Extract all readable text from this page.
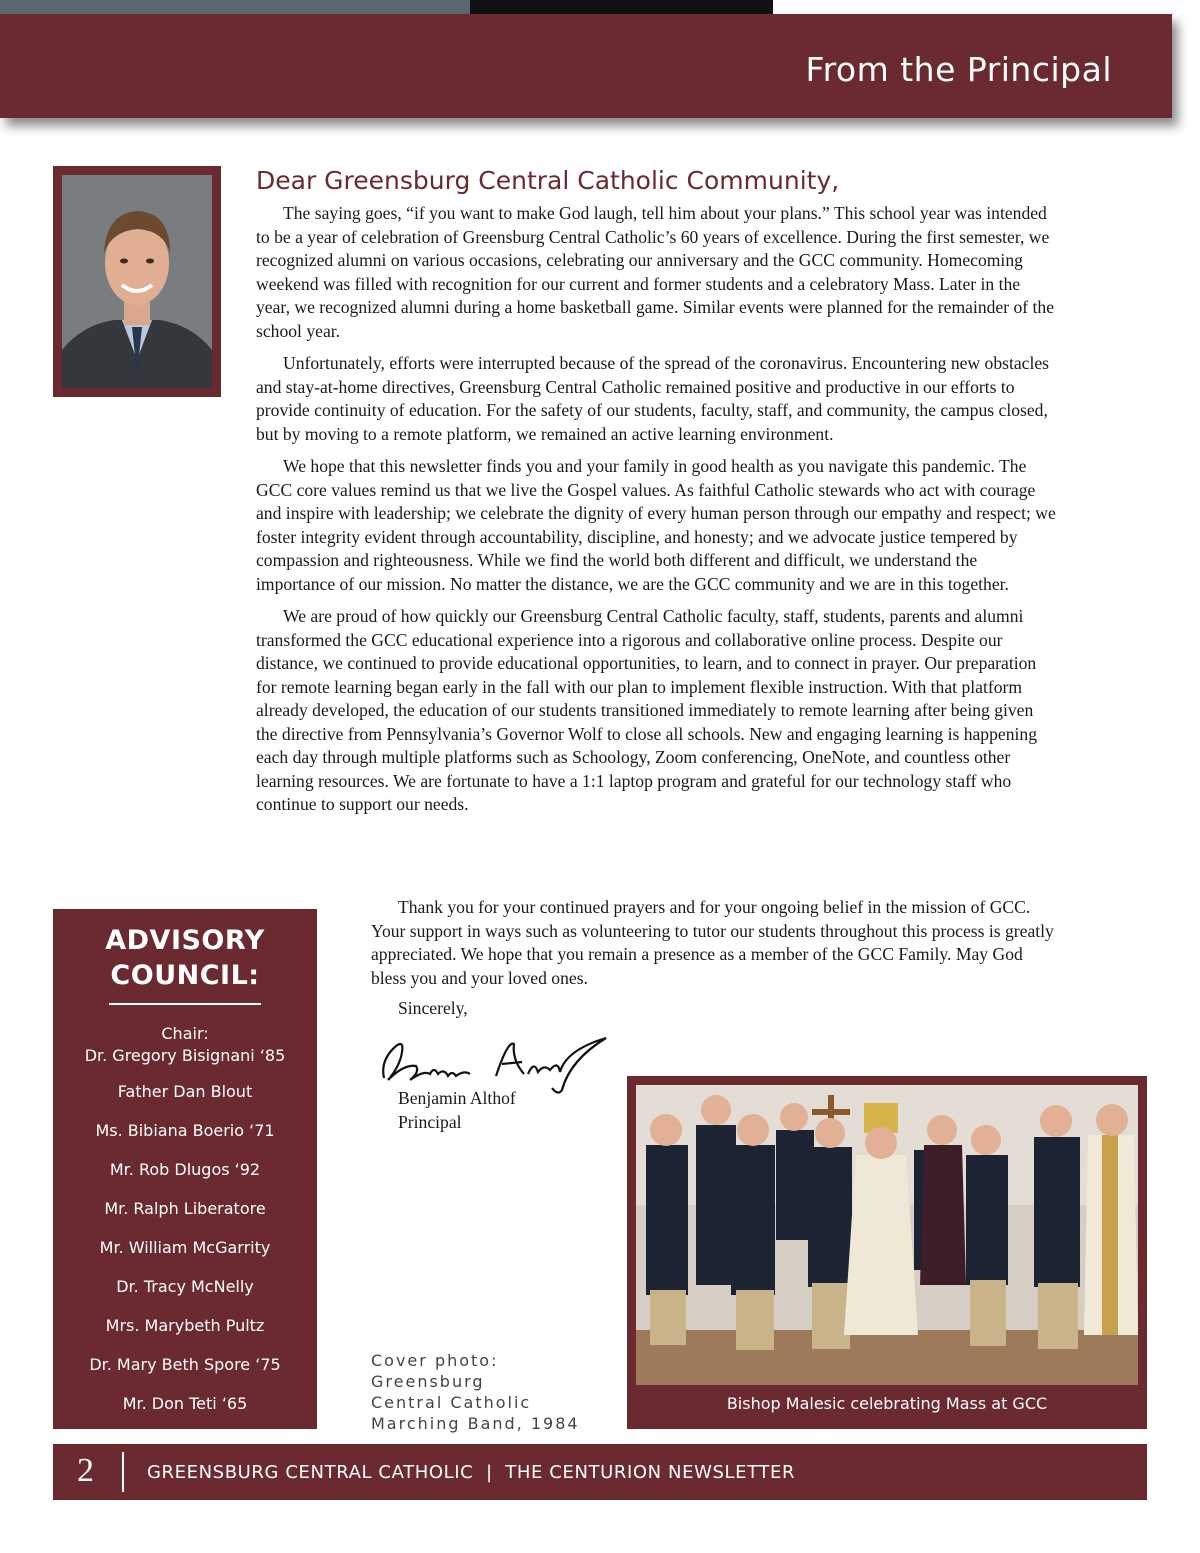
From the Principal
Dear Greensburg Central Catholic Community,

The saying goes, “if you want to make God laugh, tell him about your plans.” This school year was intended to be a year of celebration of Greensburg Central Catholic’s 60 years of excellence. During the first semester, we recognized alumni on various occasions, celebrating our anniversary and the GCC community. Homecoming weekend was filled with recognition for our current and former students and a celebratory Mass. Later in the year, we recognized alumni during a home basketball game. Similar events were planned for the remainder of the school year.

Unfortunately, efforts were interrupted because of the spread of the coronavirus. Encountering new obstacles and stay-at-home directives, Greensburg Central Catholic remained positive and productive in our efforts to provide continuity of education. For the safety of our students, faculty, staff, and community, the campus closed, but by moving to a remote platform, we remained an active learning environment.

We hope that this newsletter finds you and your family in good health as you navigate this pandemic. The GCC core values remind us that we live the Gospel values. As faithful Catholic stewards who act with courage and inspire with leadership; we celebrate the dignity of every human person through our empathy and respect; we foster integrity evident through accountability, discipline, and honesty; and we advocate justice tempered by compassion and righteousness. While we find the world both different and difficult, we understand the importance of our mission. No matter the distance, we are the GCC community and we are in this together.

We are proud of how quickly our Greensburg Central Catholic faculty, staff, students, parents and alumni transformed the GCC educational experience into a rigorous and collaborative online process. Despite our distance, we continued to provide educational opportunities, to learn, and to connect in prayer. Our preparation for remote learning began early in the fall with our plan to implement flexible instruction. With that platform already developed, the education of our students transitioned immediately to remote learning after being given the directive from Pennsylvania’s Governor Wolf to close all schools. New and engaging learning is happening each day through multiple platforms such as Schoology, Zoom conferencing, OneNote, and countless other learning resources. We are fortunate to have a 1:1 laptop program and grateful for our technology staff who continue to support our needs.

Thank you for your continued prayers and for your ongoing belief in the mission of GCC. Your support in ways such as volunteering to tutor our students throughout this process is greatly appreciated. We hope that you remain a presence as a member of the GCC Family. May God bless you and your loved ones.

Sincerely,
Benjamin Althof
Principal
ADVISORY
COUNCIL:
Chair:
Dr. Gregory Bisignani ‘85
Father Dan Blout
Ms. Bibiana Boerio ‘71
Mr. Rob Dlugos ‘92
Mr. Ralph Liberatore
Mr. William McGarrity
Dr. Tracy McNelly
Mrs. Marybeth Pultz
Dr. Mary Beth Spore ‘75
Mr. Don Teti ‘65
Cover photo:
Greensburg
Central Catholic
Marching Band, 1984
Bishop Malesic celebrating Mass at GCC
2	GREENSBURG CENTRAL CATHOLIC  |  THE CENTURION NEWSLETTER
